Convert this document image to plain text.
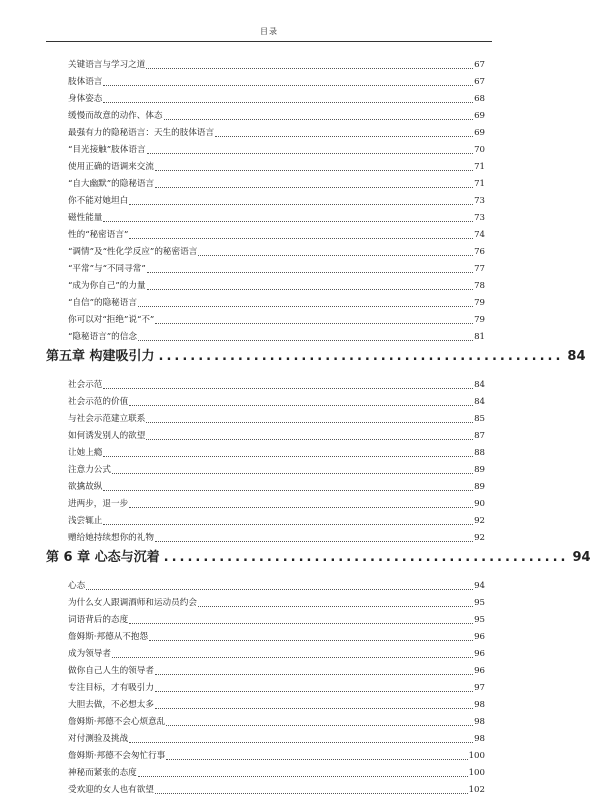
目录
关键语言与学习之道	67
肢体语言	67
身体姿态	68
缓慢而故意的动作、体态	69
最强有力的隐秘语言：天生的肢体语言	69
“目光接触”肢体语言	70
使用正确的语调来交流	71
“自大幽默”的隐秘语言	71
你不能对她坦白	73
磁性能量	73
性的“秘密语言”	74
“调情”及“性化学反应”的秘密语言	76
“平常”与“不同寻常”	77
“成为你自己”的力量	78
“自信”的隐秘语言	79
你可以对“拒绝”说“不”	79
“隐秘语言”的信念	81
第五章 构建吸引力 ................................................... 84
社会示范	84
社会示范的价值	84
与社会示范建立联系	85
如何诱发别人的欲望	87
让她上瘾	88
注意力公式	89
欲擒故纵	89
进两步，退一步	90
浅尝辄止	92
赠给她持续想你的礼物	92
第 6 章 心态与沉着 ................................................... 94
心态	94
为什么女人跟调酒师和运动员约会	95
词语背后的态度	95
詹姆斯·邦德从不抱怨	96
成为领导者	96
做你自己人生的领导者	96
专注目标，才有吸引力	97
大胆去做，不必想太多	98
詹姆斯·邦德不会心烦意乱	98
对付测验及挑战	98
詹姆斯·邦德不会匆忙行事	100
神秘而紧张的态度	100
受欢迎的女人也有欲望	102
